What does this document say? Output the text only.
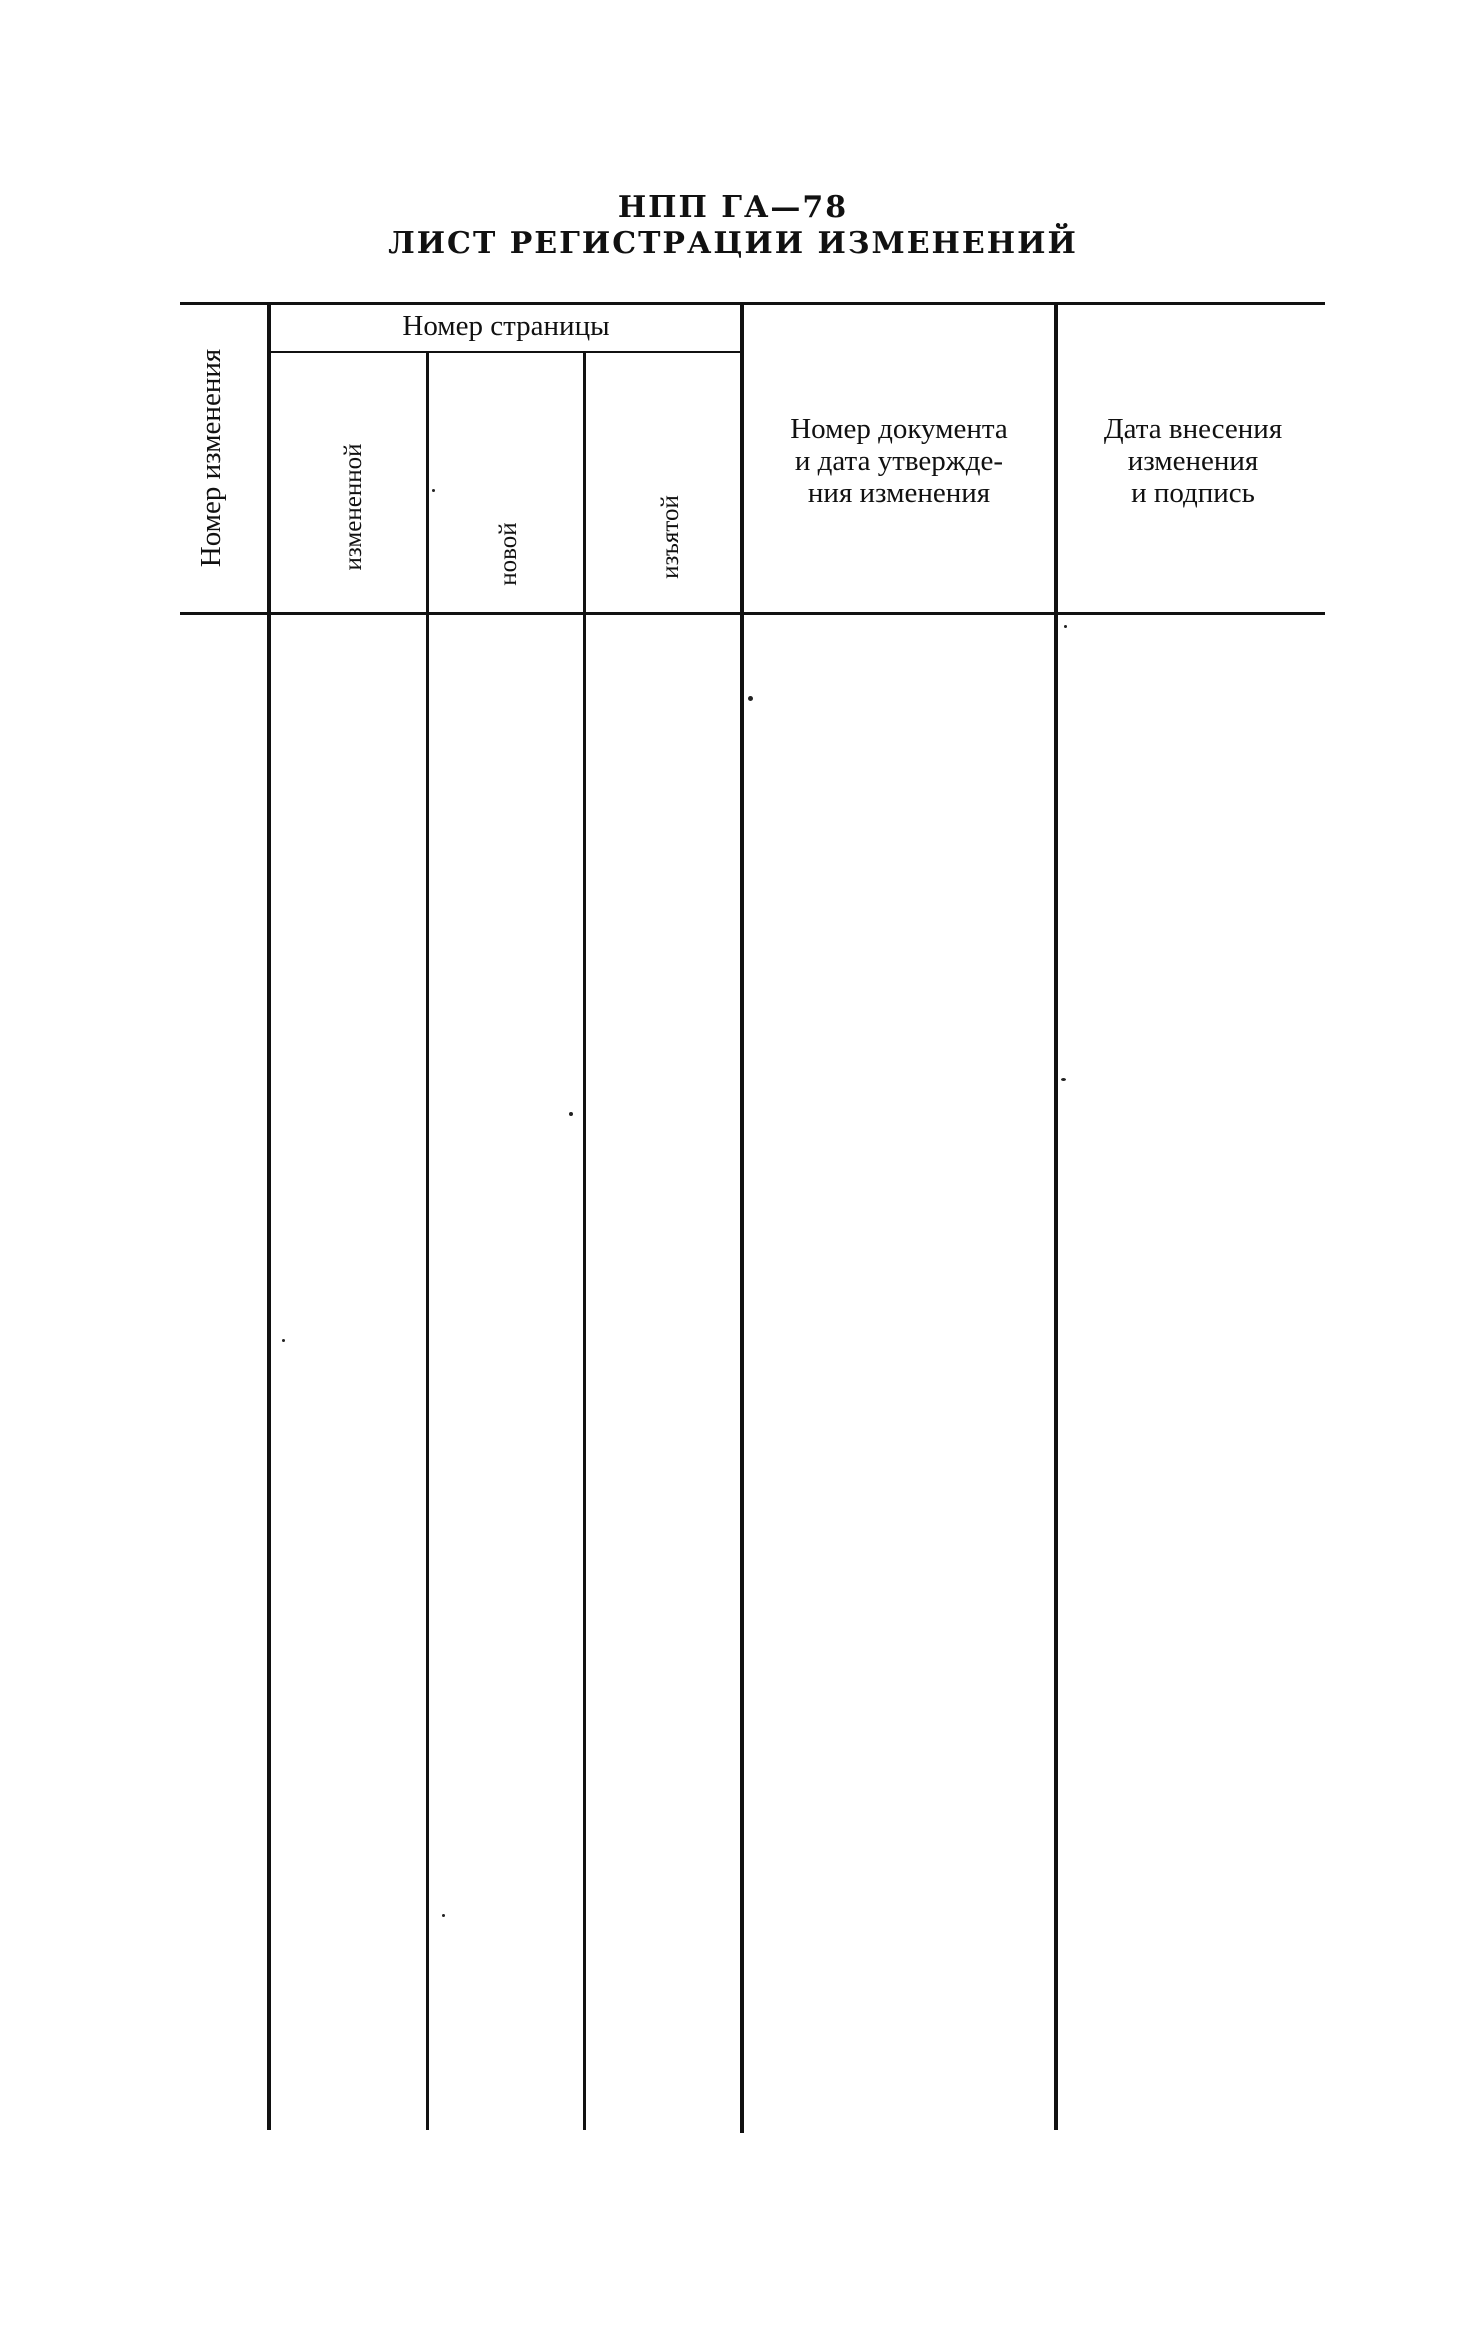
НПП ГА—78
ЛИСТ РЕГИСТРАЦИИ ИЗМЕНЕНИЙ
Номер изменения
Номер страницы
измененной	новой	изъятой
Номер документа
и дата утвержде-
ния изменения
Дата внесения
изменения
и подпись
